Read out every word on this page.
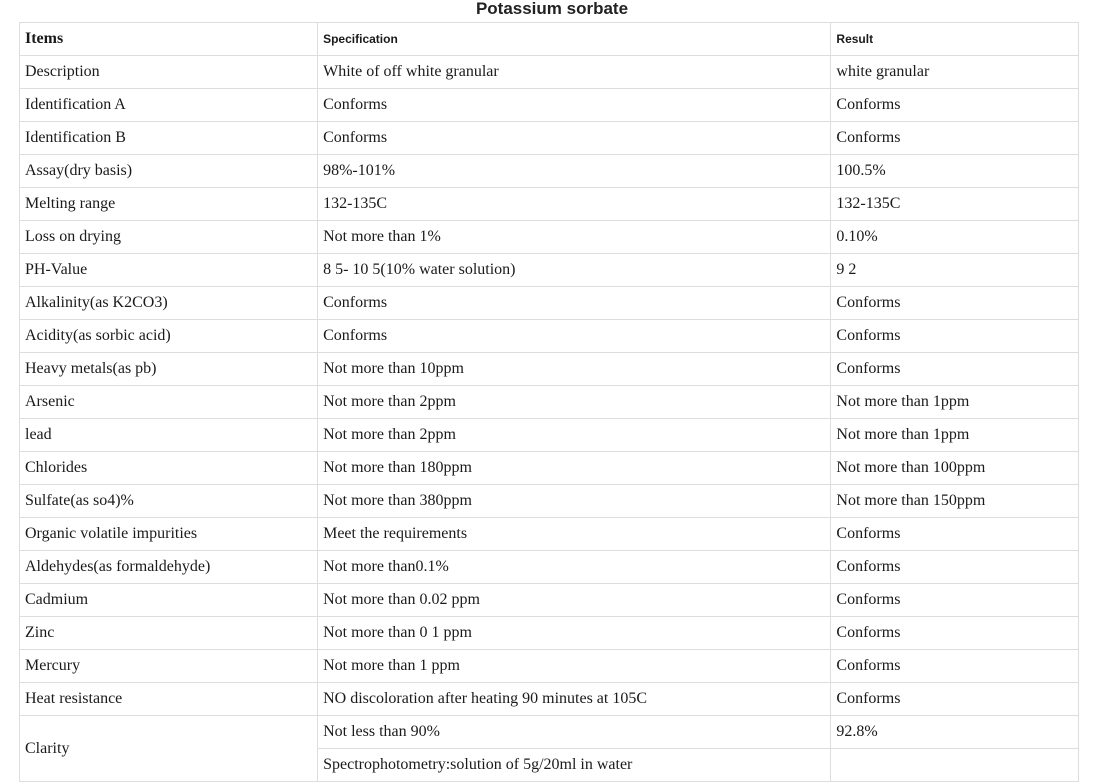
Potassium sorbate
Items	Specification	Result
Description	White of off white granular	white granular
Identification A	Conforms	Conforms
Identification B	Conforms	Conforms
Assay(dry basis)	98%-101%	100.5%
Melting range	132-135C	132-135C
Loss on drying	Not more than 1%	0.10%
PH-Value	8 5- 10 5(10% water solution)	9 2
Alkalinity(as K2CO3)	Conforms	Conforms
Acidity(as sorbic acid)	Conforms	Conforms
Heavy metals(as pb)	Not more than 10ppm	Conforms
Arsenic	Not more than 2ppm	Not more than 1ppm
lead	Not more than 2ppm	Not more than 1ppm
Chlorides	Not more than 180ppm	Not more than 100ppm
Sulfate(as so4)%	Not more than 380ppm	Not more than 150ppm
Organic volatile impurities	Meet the requirements	Conforms
Aldehydes(as formaldehyde)	Not more than0.1%	Conforms
Cadmium	Not more than 0.02 ppm	Conforms
Zinc	Not more than 0 1 ppm	Conforms
Mercury	Not more than 1 ppm	Conforms
Heat resistance	NO discoloration after heating 90 minutes at 105C	Conforms
Clarity	Not less than 90%	92.8%
	Spectrophotometry:solution of 5g/20ml in water	
